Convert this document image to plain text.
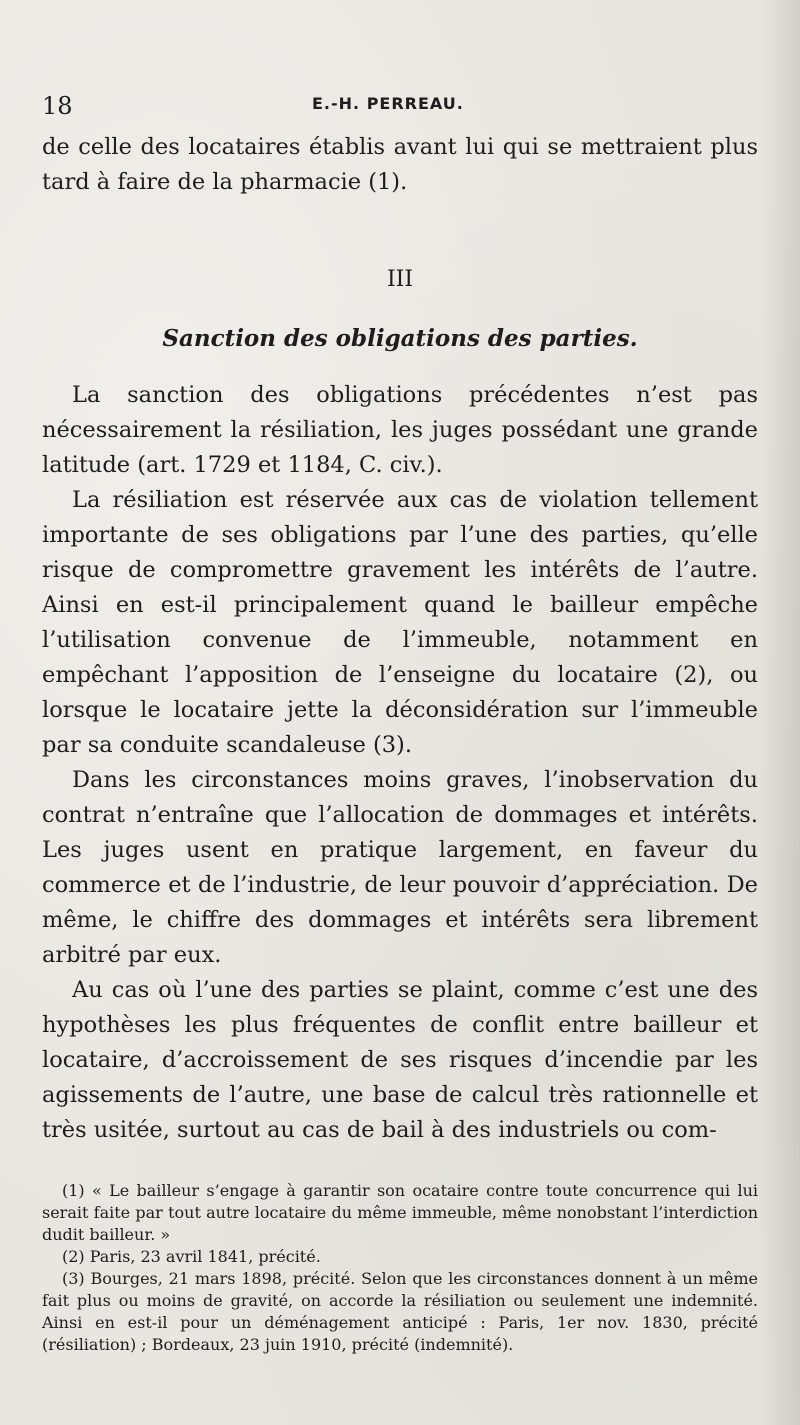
18	E.-H. PERREAU.

de celle des locataires établis avant lui qui se mettraient plus tard à faire de la pharmacie (1).

III

Sanction des obligations des parties.

La sanction des obligations précédentes n’est pas nécessairement la résiliation, les juges possédant une grande latitude (art. 1729 et 1184, C. civ.).

La résiliation est réservée aux cas de violation tellement importante de ses obligations par l’une des parties, qu’elle risque de compromettre gravement les intérêts de l’autre. Ainsi en est-il principalement quand le bailleur empêche l’utilisation convenue de l’immeuble, notamment en empêchant l’apposition de l’enseigne du locataire (2), ou lorsque le locataire jette la déconsidération sur l’immeuble par sa conduite scandaleuse (3).

Dans les circonstances moins graves, l’inobservation du contrat n’entraîne que l’allocation de dommages et intérêts. Les juges usent en pratique largement, en faveur du commerce et de l’industrie, de leur pouvoir d’appréciation. De même, le chiffre des dommages et intérêts sera librement arbitré par eux.

Au cas où l’une des parties se plaint, comme c’est une des hypothèses les plus fréquentes de conflit entre bailleur et locataire, d’accroissement de ses risques d’incendie par les agissements de l’autre, une base de calcul très rationnelle et très usitée, surtout au cas de bail à des industriels ou com-

(1) « Le bailleur s’engage à garantir son ocataire contre toute concurrence qui lui serait faite par tout autre locataire du même immeuble, même nonobstant l’interdiction dudit bailleur. »

(2) Paris, 23 avril 1841, précité.

(3) Bourges, 21 mars 1898, précité. Selon que les circonstances donnent à un même fait plus ou moins de gravité, on accorde la résiliation ou seulement une indemnité. Ainsi en est-il pour un déménagement anticipé : Paris, 1er nov. 1830, précité (résiliation) ; Bordeaux, 23 juin 1910, précité (indemnité).
